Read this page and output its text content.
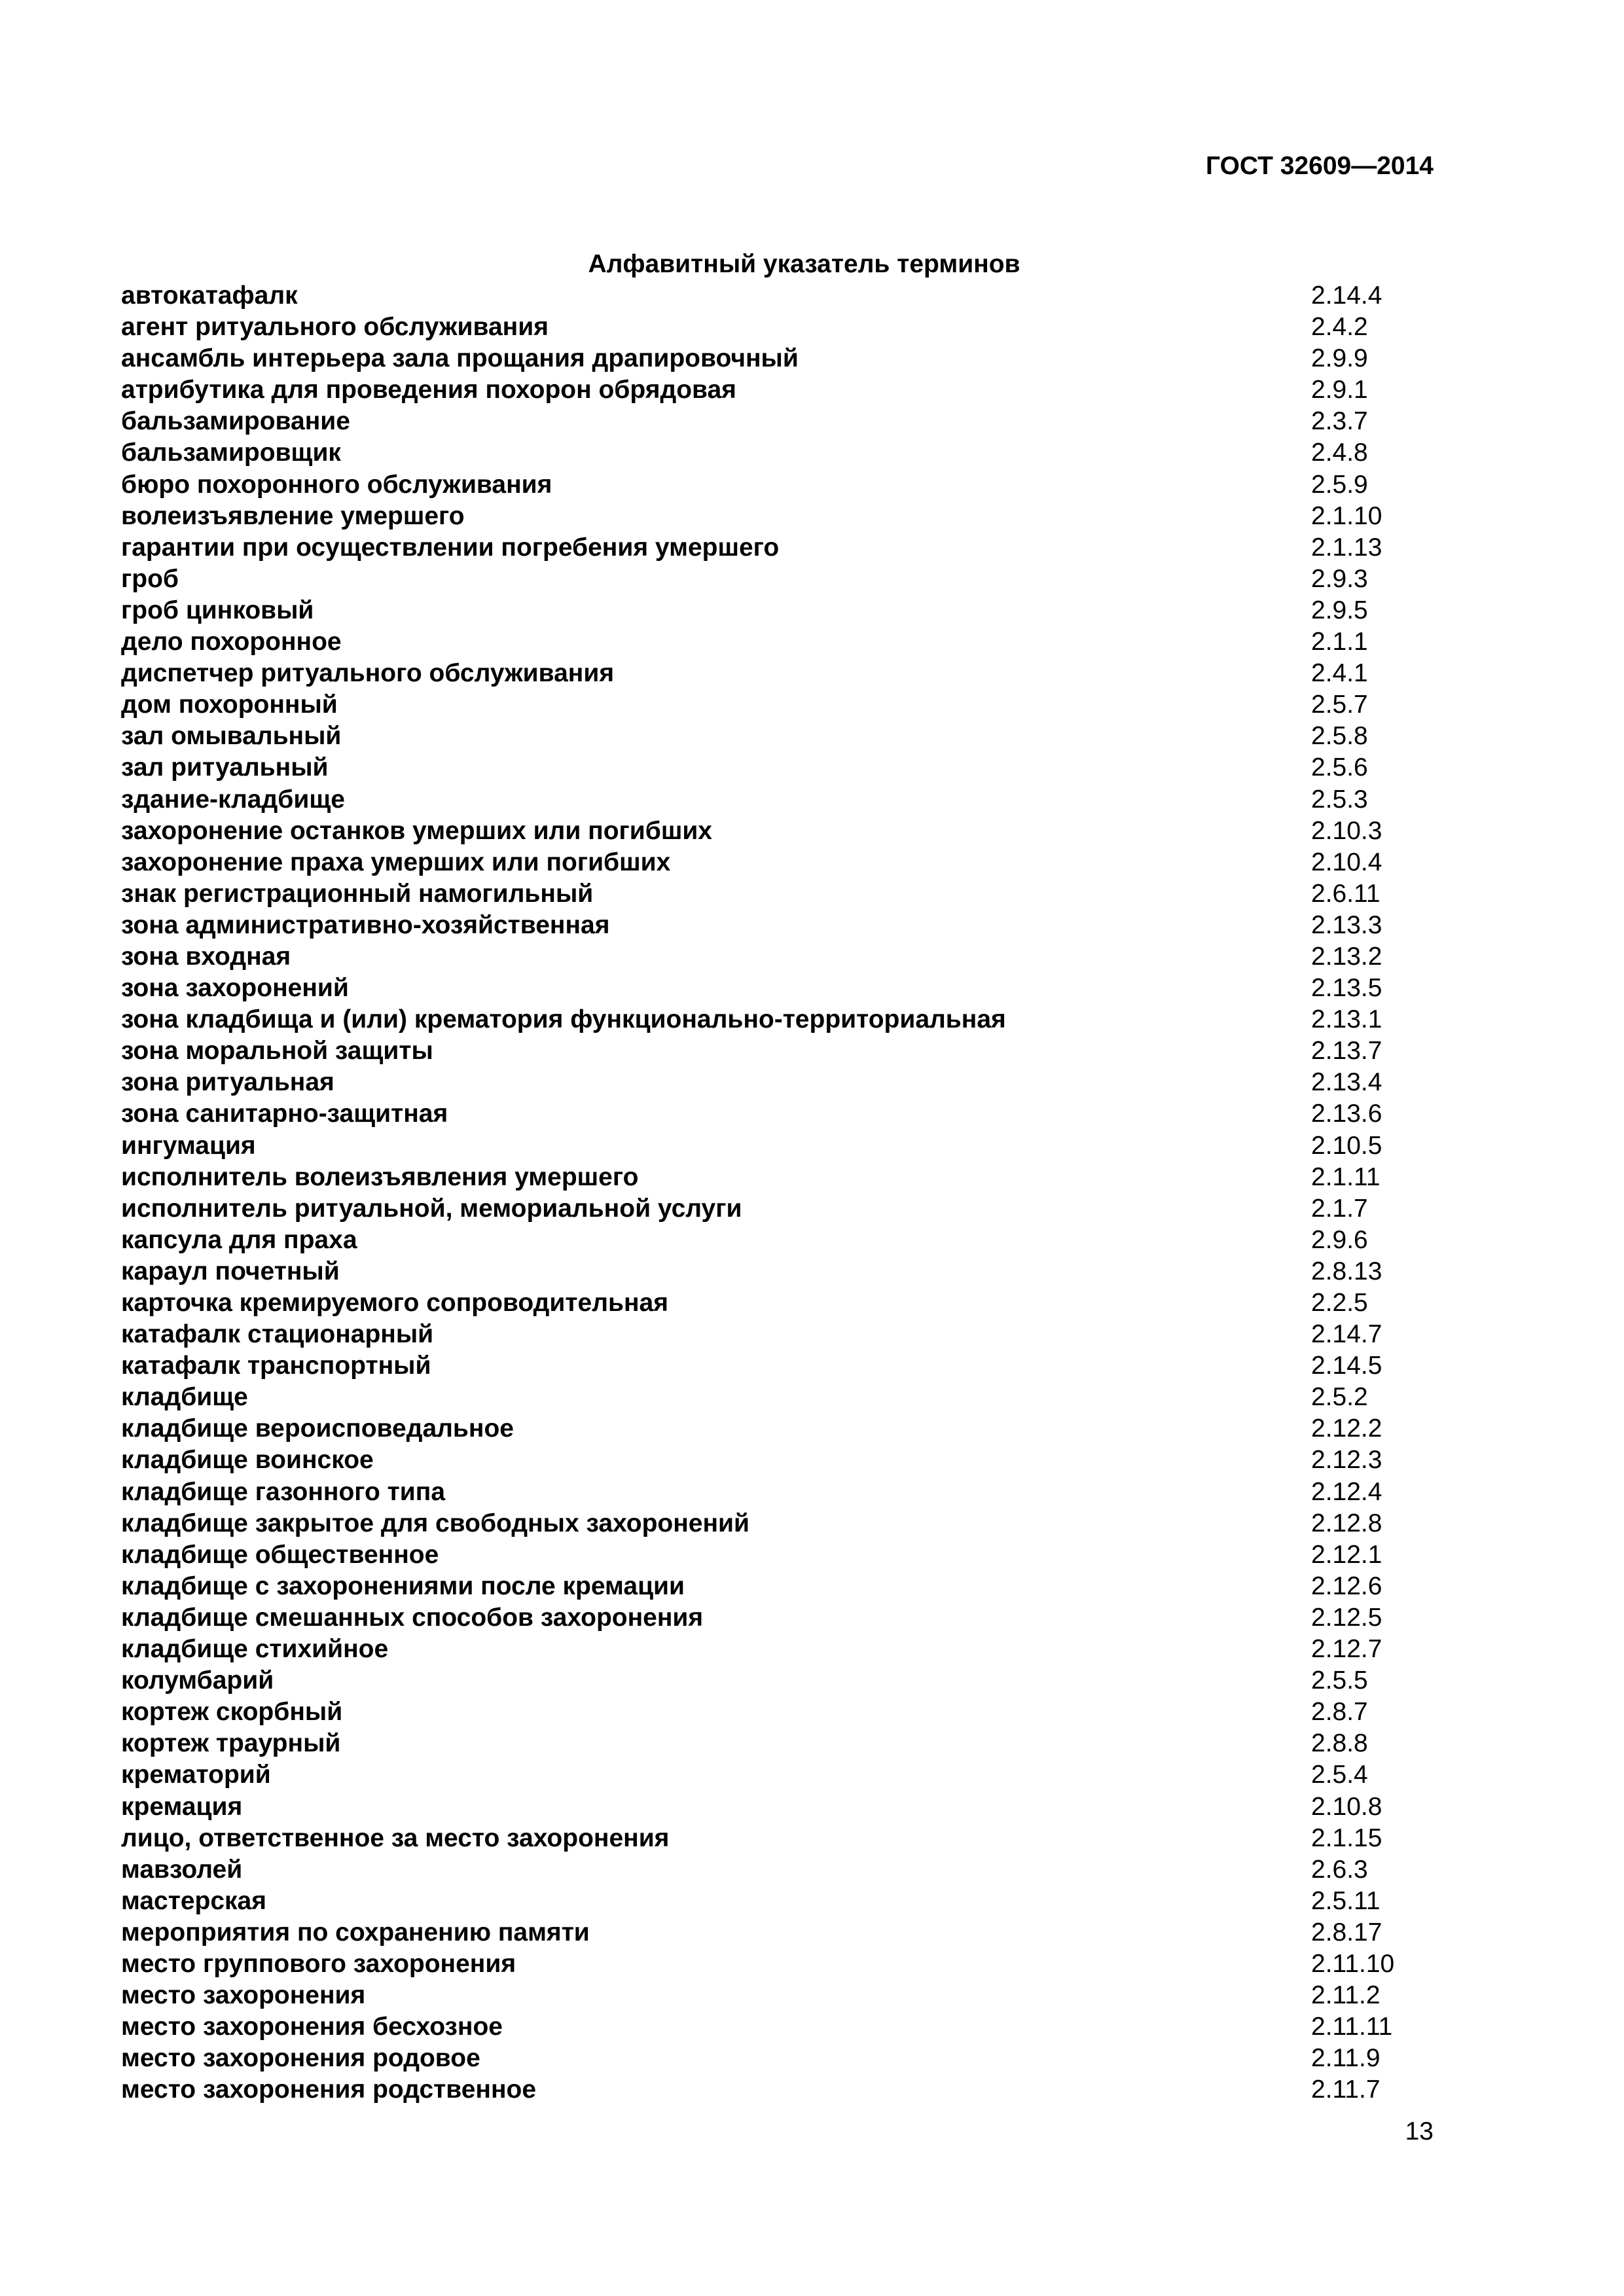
ГОСТ 32609—2014
Алфавитный указатель терминов
автокатафалк	2.14.4
агент ритуального обслуживания	2.4.2
ансамбль интерьера зала прощания драпировочный	2.9.9
атрибутика для проведения похорон обрядовая	2.9.1
бальзамирование	2.3.7
бальзамировщик	2.4.8
бюро похоронного обслуживания	2.5.9
волеизъявление умершего	2.1.10
гарантии при осуществлении погребения умершего	2.1.13
гроб	2.9.3
гроб цинковый	2.9.5
дело похоронное	2.1.1
диспетчер ритуального обслуживания	2.4.1
дом похоронный	2.5.7
зал омывальный	2.5.8
зал ритуальный	2.5.6
здание-кладбище	2.5.3
захоронение останков умерших или погибших	2.10.3
захоронение праха умерших или погибших	2.10.4
знак регистрационный намогильный	2.6.11
зона административно-хозяйственная	2.13.3
зона входная	2.13.2
зона захоронений	2.13.5
зона кладбища и (или) крематория функционально-территориальная	2.13.1
зона моральной защиты	2.13.7
зона ритуальная	2.13.4
зона санитарно-защитная	2.13.6
ингумация	2.10.5
исполнитель волеизъявления умершего	2.1.11
исполнитель ритуальной, мемориальной услуги	2.1.7
капсула для праха	2.9.6
караул почетный	2.8.13
карточка кремируемого сопроводительная	2.2.5
катафалк стационарный	2.14.7
катафалк транспортный	2.14.5
кладбище	2.5.2
кладбище вероисповедальное	2.12.2
кладбище воинское	2.12.3
кладбище газонного типа	2.12.4
кладбище закрытое для свободных захоронений	2.12.8
кладбище общественное	2.12.1
кладбище с захоронениями после кремации	2.12.6
кладбище смешанных способов захоронения	2.12.5
кладбище стихийное	2.12.7
колумбарий	2.5.5
кортеж скорбный	2.8.7
кортеж траурный	2.8.8
крематорий	2.5.4
кремация	2.10.8
лицо, ответственное за место захоронения	2.1.15
мавзолей	2.6.3
мастерская	2.5.11
мероприятия по сохранению памяти	2.8.17
место группового захоронения	2.11.10
место захоронения	2.11.2
место захоронения бесхозное	2.11.11
место захоронения родовое	2.11.9
место захоронения родственное	2.11.7
13
